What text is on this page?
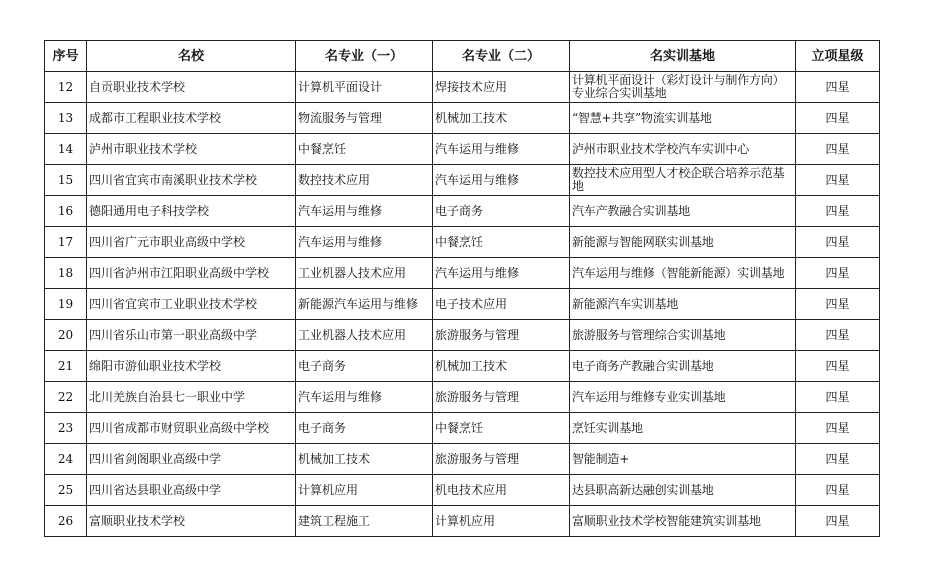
序号	名校	名专业（一）	名专业（二）	名实训基地	立项星级
12	自贡职业技术学校	计算机平面设计	焊接技术应用	计算机平面设计（彩灯设计与制作方向）专业综合实训基地	四星
13	成都市工程职业技术学校	物流服务与管理	机械加工技术	“智慧+共享”物流实训基地	四星
14	泸州市职业技术学校	中餐烹饪	汽车运用与维修	泸州市职业技术学校汽车实训中心	四星
15	四川省宜宾市南溪职业技术学校	数控技术应用	汽车运用与维修	数控技术应用型人才校企联合培养示范基地	四星
16	德阳通用电子科技学校	汽车运用与维修	电子商务	汽车产教融合实训基地	四星
17	四川省广元市职业高级中学校	汽车运用与维修	中餐烹饪	新能源与智能网联实训基地	四星
18	四川省泸州市江阳职业高级中学校	工业机器人技术应用	汽车运用与维修	汽车运用与维修（智能新能源）实训基地	四星
19	四川省宜宾市工业职业技术学校	新能源汽车运用与维修	电子技术应用	新能源汽车实训基地	四星
20	四川省乐山市第一职业高级中学	工业机器人技术应用	旅游服务与管理	旅游服务与管理综合实训基地	四星
21	绵阳市游仙职业技术学校	电子商务	机械加工技术	电子商务产教融合实训基地	四星
22	北川羌族自治县七一职业中学	汽车运用与维修	旅游服务与管理	汽车运用与维修专业实训基地	四星
23	四川省成都市财贸职业高级中学校	电子商务	中餐烹饪	烹饪实训基地	四星
24	四川省剑阁职业高级中学	机械加工技术	旅游服务与管理	智能制造+	四星
25	四川省达县职业高级中学	计算机应用	机电技术应用	达县职高新达融创实训基地	四星
26	富顺职业技术学校	建筑工程施工	计算机应用	富顺职业技术学校智能建筑实训基地	四星
